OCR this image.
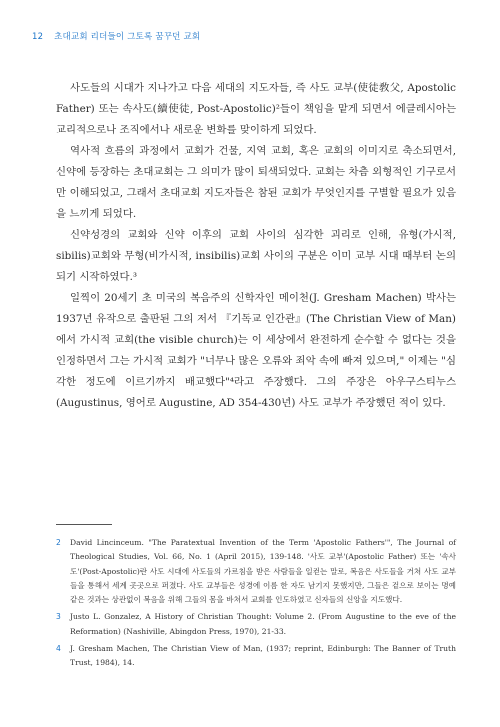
12 초대교회 리더들이 그토록 꿈꾸던 교회

사도들의 시대가 지나가고 다음 세대의 지도자들, 즉 사도 교부(使徒敎父, Apostolic Father) 또는 속사도(續使徒, Post-Apostolic)²들이 책임을 맡게 되면서 에클레시아는 교리적으로나 조직에서나 새로운 변화를 맞이하게 되었다.

역사적 흐름의 과정에서 교회가 건물, 지역 교회, 혹은 교회의 이미지로 축소되면서, 신약에 등장하는 초대교회는 그 의미가 많이 퇴색되었다. 교회는 차츰 외형적인 기구로서만 이해되었고, 그래서 초대교회 지도자들은 참된 교회가 무엇인지를 구별할 필요가 있음을 느끼게 되었다.

신약성경의 교회와 신약 이후의 교회 사이의 심각한 괴리로 인해, 유형(가시적, sibilis)교회와 무형(비가시적, insibilis)교회 사이의 구분은 이미 교부 시대 때부터 논의되기 시작하였다.³

일찍이 20세기 초 미국의 복음주의 신학자인 메이천(J. Gresham Machen) 박사는 1937년 유작으로 출판된 그의 저서 『기독교 인간관』(The Christian View of Man)에서 가시적 교회(the visible church)는 이 세상에서 완전하게 순수할 수 없다는 것을 인정하면서 그는 가시적 교회가 "너무나 많은 오류와 죄악 속에 빠져 있으며," 이제는 "심각한 정도에 이르기까지 배교했다"⁴라고 주장했다. 그의 주장은 아우구스티누스(Augustinus, 영어로 Augustine, AD 354-430년) 사도 교부가 주장했던 적이 있다.

2 David Lincinceum. "The Paratextual Invention of the Term 'Apostolic Fathers'", The Journal of Theological Studies, Vol. 66, No. 1 (April 2015), 139-148. '사도 교부'(Apostolic Father) 또는 '속사도'(Post-Apostolic)란 사도 시대에 사도들의 가르침을 받은 사람들을 일컫는 말로, 복음은 사도들을 거쳐 사도 교부들을 통해서 세계 곳곳으로 퍼졌다. 사도 교부들은 성경에 이름 한 자도 남기지 못했지만, 그들은 겉으로 보이는 명예 같은 것과는 상관없이 복음을 위해 그들의 몸을 바쳐서 교회를 인도하였고 신자들의 신앙을 지도했다.
3 Justo L. Gonzalez, A History of Christian Thought: Volume 2. (From Augustine to the eve of the Reformation) (Nashiville, Abingdon Press, 1970), 21-33.
4 J. Gresham Machen, The Christian View of Man, (1937; reprint, Edinburgh: The Banner of Truth Trust, 1984), 14.
